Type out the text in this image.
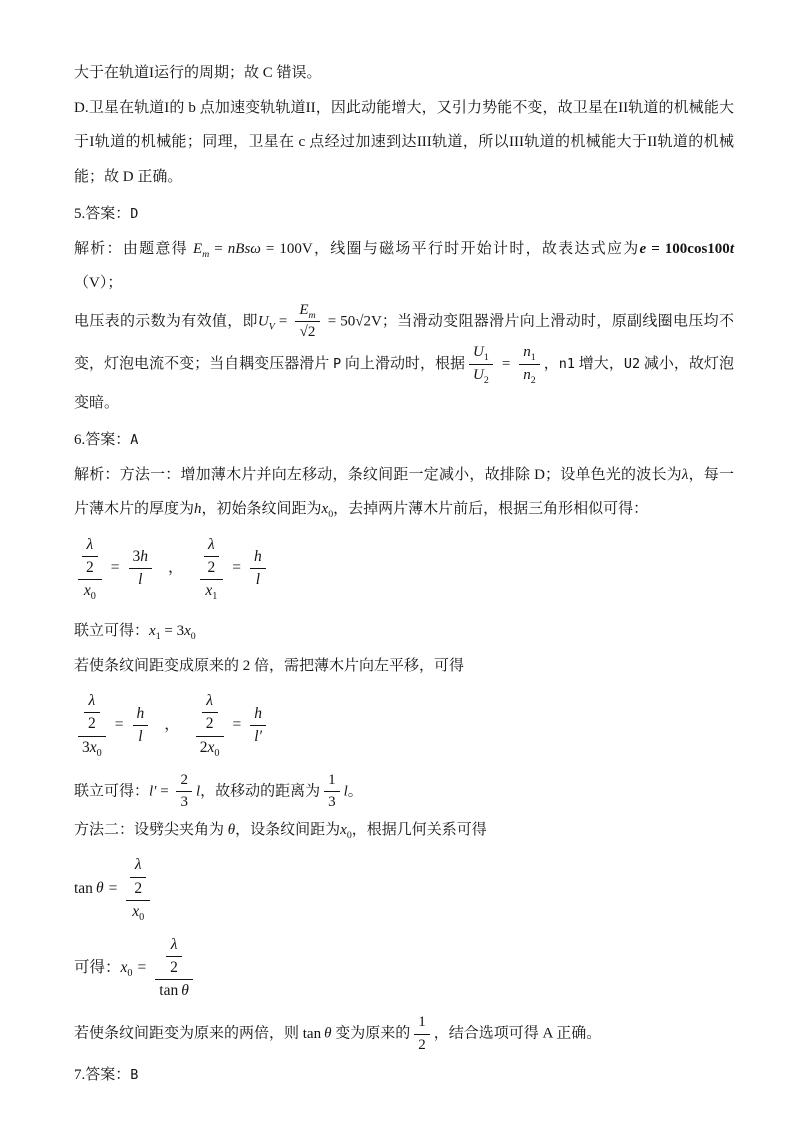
大于在轨道I运行的周期；故 C 错误。

D.卫星在轨道I的 b 点加速变轨轨道II，因此动能增大，又引力势能不变，故卫星在II轨道的机械能大于I轨道的机械能；同理，卫星在 c 点经过加速到达III轨道，所以III轨道的机械能大于II轨道的机械能；故 D 正确。

5.答案：D

解析：由题意得 $E_m = nBs\omega = 100V$，线圈与磁场平行时开始计时，故表达式应为e = 100cos100t（V）；

电压表的示数为有效值，即$U_V = \frac{E_m}{√2} = 50√2V$；当滑动变阻器滑片向上滑动时，原副线圈电压均不变，灯泡电流不变；当自耦变压器滑片 P 向上滑动时，根据 $\frac{U_1}{U_2} = \frac{n_1}{n_2}$ ，n1 增大，U2 减小，故灯泡变暗。

6.答案：A

解析：方法一：增加薄木片并向左移动，条纹间距一定减小，故排除 D；设单色光的波长为λ，每一片薄木片的厚度为h，初始条纹间距为$x_0$，去掉两片薄木片前后，根据三角形相似可得：

$\frac{\frac{\lambda}{2}}{x_0} = \frac{3h}{l}$ ， $\frac{\frac{\lambda}{2}}{x_1} = \frac{h}{l}$

联立可得：$x_1 = 3x_0$

若使条纹间距变成原来的 2 倍，需把薄木片向左平移，可得

$\frac{\frac{\lambda}{2}}{3x_0} = \frac{h}{l}$ ， $\frac{\frac{\lambda}{2}}{2x_0} = \frac{h}{l'}$

联立可得：$l' = \frac{2}{3}$ l，故移动的距离为 $\frac{1}{3}$ l。

方法二：设劈尖夹角为 θ，设条纹间距为$x_0$，根据几何关系可得

$\tan \theta = \frac{\frac{\lambda}{2}}{x_0}$
可得：$x_0 = \frac{\frac{\lambda}{2}}{\text{tan θ}}$

若使条纹间距变为原来的两倍，则 tan θ 变为原来的 $\frac{1}{2}$ ，结合选项可得 A 正确。

7.答案：B
